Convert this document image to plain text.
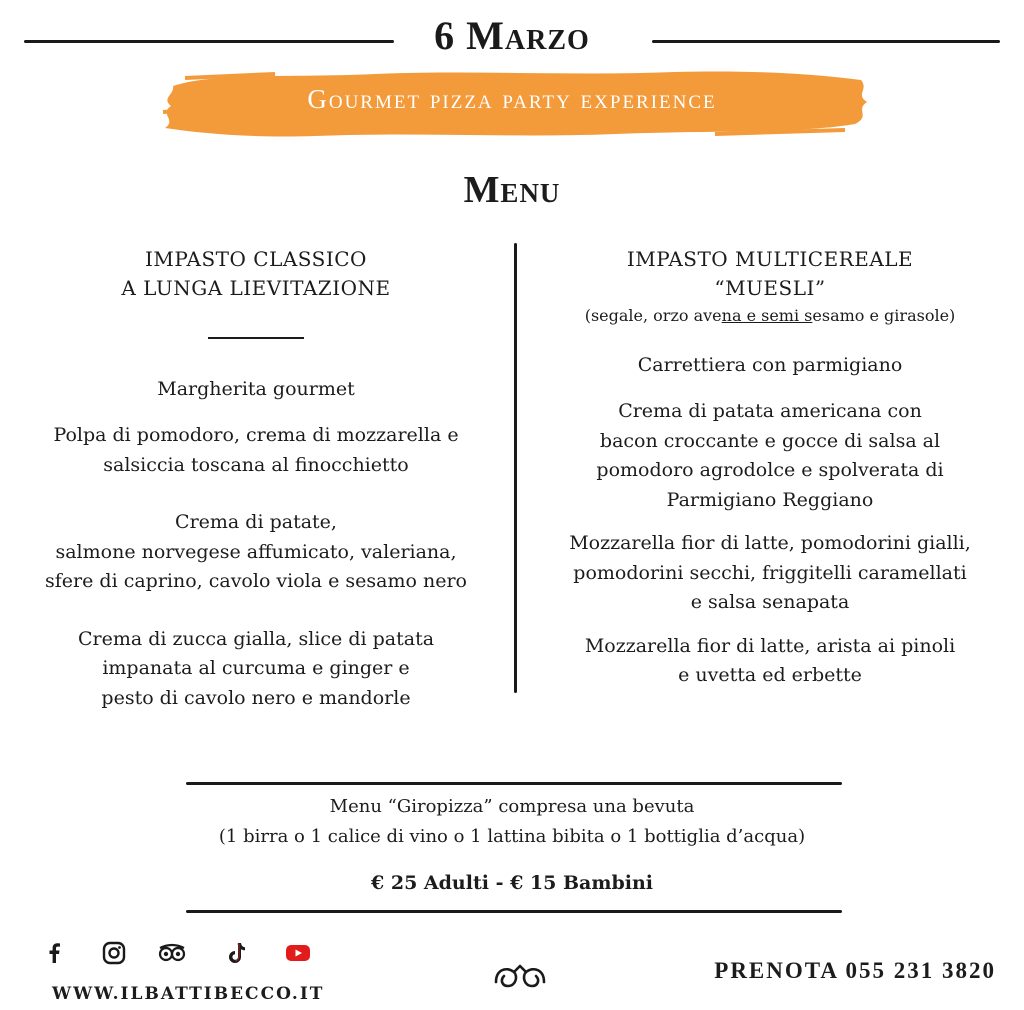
6 Marzo
Gourmet pizza party experience
Menu
IMPASTO CLASSICO
A LUNGA LIEVITAZIONE
Margherita gourmet
Polpa di pomodoro, crema di mozzarella e
salsiccia toscana al finocchietto
Crema di patate,
salmone norvegese affumicato, valeriana,
sfere di caprino, cavolo viola e sesamo nero
Crema di zucca gialla, slice di patata
impanata al curcuma e ginger e
pesto di cavolo nero e mandorle
IMPASTO MULTICEREALE
“MUESLI”
(segale, orzo avena e semi sesamo e girasole)
Carrettiera con parmigiano
Crema di patata americana con
bacon croccante e gocce di salsa al
pomodoro agrodolce e spolverata di
Parmigiano Reggiano
Mozzarella fior di latte, pomodorini gialli,
pomodorini secchi, friggitelli caramellati
e salsa senapata
Mozzarella fior di latte, arista ai pinoli
e uvetta ed erbette
Menu “Giropizza” compresa una bevuta
(1 birra o 1 calice di vino o 1 lattina bibita o 1 bottiglia d’acqua)
€ 25 Adulti - € 15 Bambini
WWW.ILBATTIBECCO.IT
PRENOTA 055 231 3820
